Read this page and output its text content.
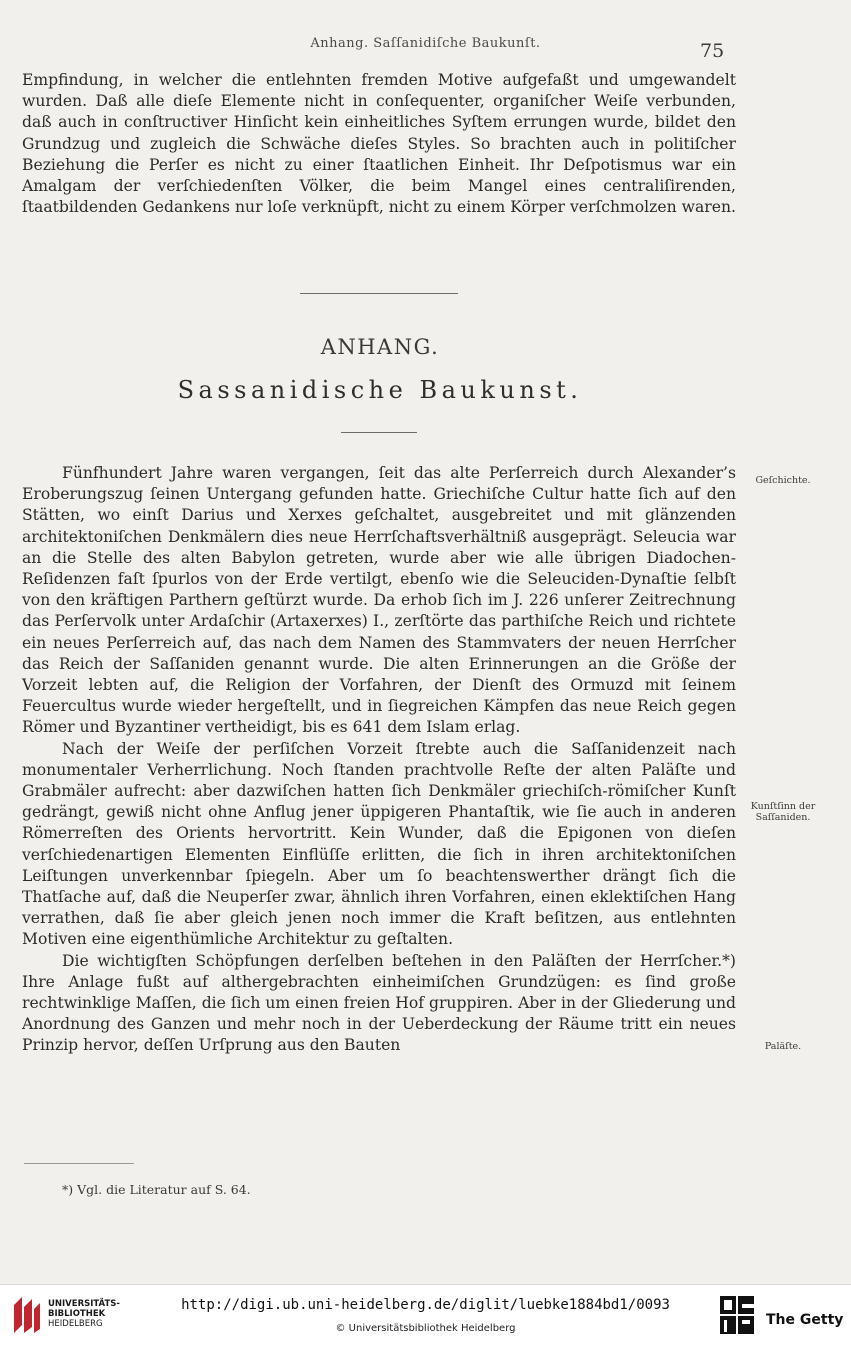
Anhang. Saſſanidiſche Baukunſt.	75

Empfindung, in welcher die entlehnten fremden Motive aufgefaßt und umgewandelt wurden. Daß alle dieſe Elemente nicht in conſequenter, organiſcher Weiſe verbunden, daß auch in conſtructiver Hinſicht kein einheitliches Syſtem errungen wurde, bildet den Grundzug und zugleich die Schwäche dieſes Styles. So brachten auch in politiſcher Beziehung die Perſer es nicht zu einer ſtaatlichen Einheit. Ihr Deſpotismus war ein Amalgam der verſchiedenſten Völker, die beim Mangel eines centraliſirenden, ſtaatbildenden Gedankens nur loſe verknüpft, nicht zu einem Körper verſchmolzen waren.

ANHANG.
Sassanidische Baukunst.

Fünfhundert Jahre waren vergangen, ſeit das alte Perſerreich durch Alexander’s Eroberungszug ſeinen Untergang gefunden hatte. Griechiſche Cultur hatte ſich auf den Stätten, wo einſt Darius und Xerxes geſchaltet, ausgebreitet und mit glänzenden architektoniſchen Denkmälern dies neue Herrſchaftsverhältniß ausgeprägt. Seleucia war an die Stelle des alten Babylon getreten, wurde aber wie alle übrigen Diadochen-Reſidenzen faſt ſpurlos von der Erde vertilgt, ebenſo wie die Seleuciden-Dynaſtie ſelbſt von den kräftigen Parthern geſtürzt wurde. Da erhob ſich im J. 226 unſerer Zeitrechnung das Perſervolk unter Ardaſchir (Artaxerxes) I., zerſtörte das parthiſche Reich und richtete ein neues Perſerreich auf, das nach dem Namen des Stammvaters der neuen Herrſcher das Reich der Saſſaniden genannt wurde. Die alten Erinnerungen an die Größe der Vorzeit lebten auf, die Religion der Vorfahren, der Dienſt des Ormuzd mit ſeinem Feuercultus wurde wieder hergeſtellt, und in ſiegreichen Kämpfen das neue Reich gegen Römer und Byzantiner vertheidigt, bis es 641 dem Islam erlag.

Nach der Weiſe der perſiſchen Vorzeit ſtrebte auch die Saſſanidenzeit nach monumentaler Verherrlichung. Noch ſtanden prachtvolle Reſte der alten Paläſte und Grabmäler aufrecht: aber dazwiſchen hatten ſich Denkmäler griechiſch-römiſcher Kunſt gedrängt, gewiß nicht ohne Anflug jener üppigeren Phantaſtik, wie ſie auch in anderen Römerreſten des Orients hervortritt. Kein Wunder, daß die Epigonen von dieſen verſchiedenartigen Elementen Einflüſſe erlitten, die ſich in ihren architektoniſchen Leiſtungen unverkennbar ſpiegeln. Aber um ſo beachtenswerther drängt ſich die Thatſache auf, daß die Neuperſer zwar, ähnlich ihren Vorfahren, einen eklektiſchen Hang verrathen, daß ſie aber gleich jenen noch immer die Kraft beſitzen, aus entlehnten Motiven eine eigenthümliche Architektur zu geſtalten.

Die wichtigſten Schöpfungen derſelben beſtehen in den Paläſten der Herrſcher.*) Ihre Anlage fußt auf althergebrachten einheimiſchen Grundzügen: es ſind große rechtwinklige Maſſen, die ſich um einen freien Hof gruppiren. Aber in der Gliederung und Anordnung des Ganzen und mehr noch in der Ueberdeckung der Räume tritt ein neues Prinzip hervor, deſſen Urſprung aus den Bauten

Geſchichte.
Kunſtſinn der Saſſaniden.
Paläſte.
*) Vgl. die Literatur auf S. 64.
UNIVERSITÄTS-
BIBLIOTHEK
HEIDELBERG
http://digi.ub.uni-heidelberg.de/diglit/luebke1884bd1/0093
© Universitätsbibliothek Heidelberg
The Getty
